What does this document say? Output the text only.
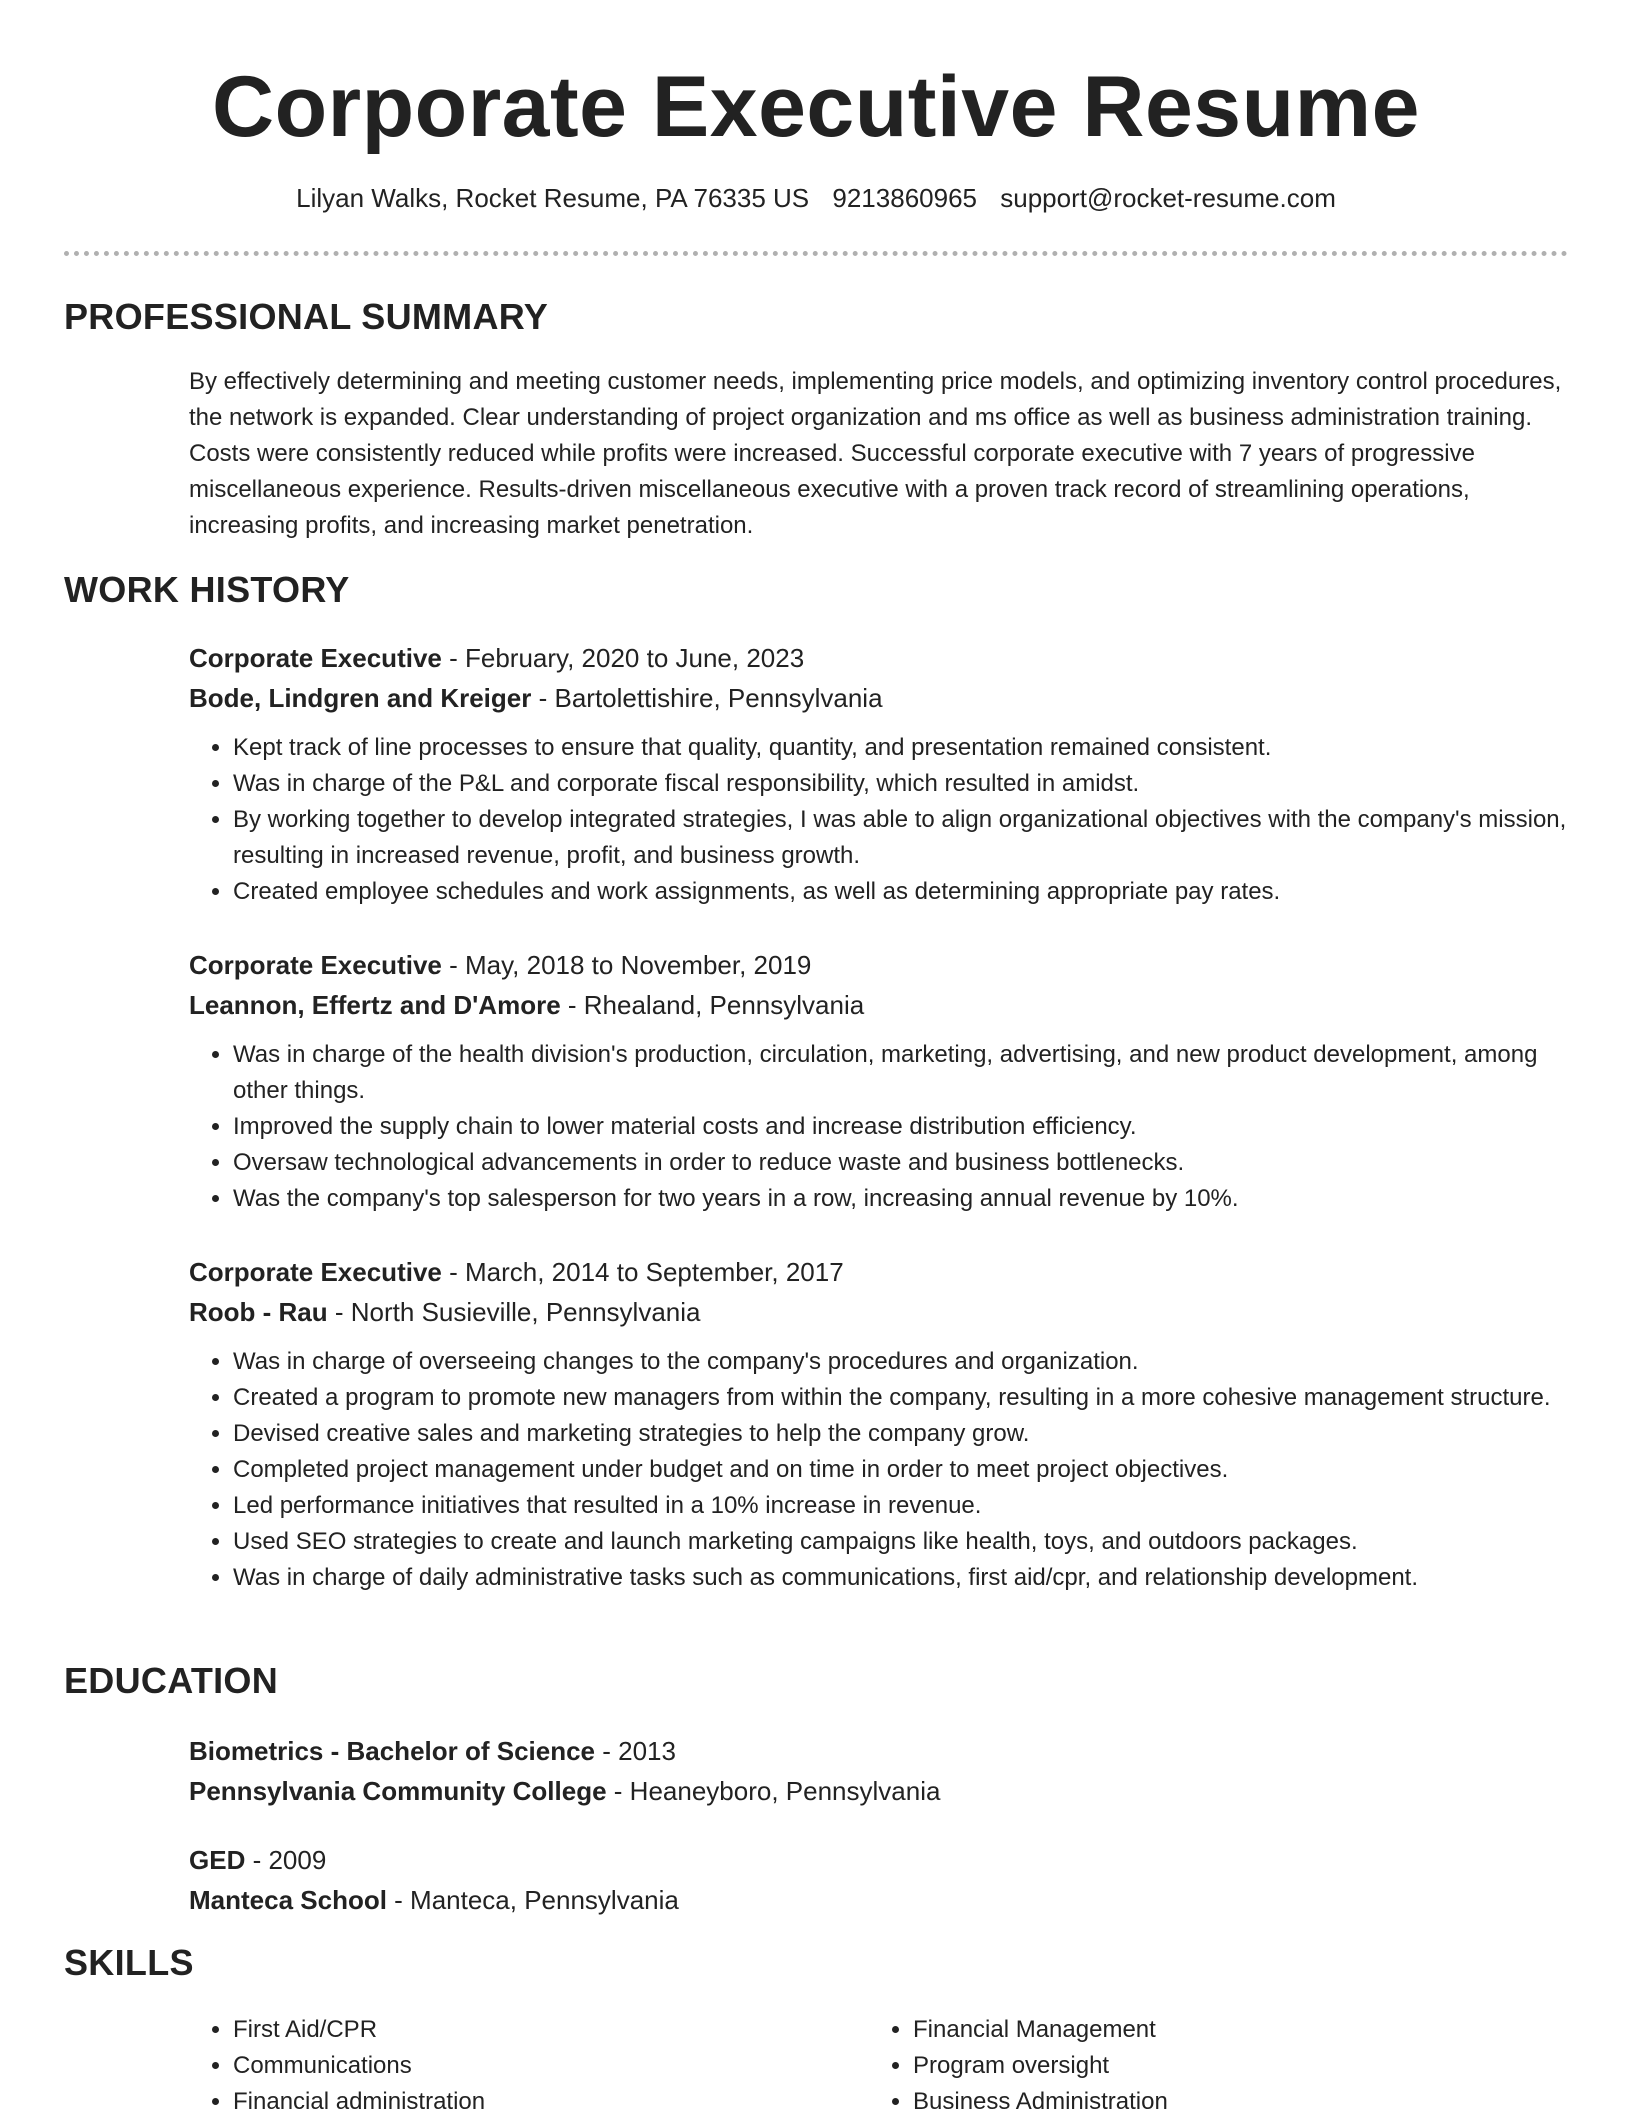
Corporate Executive Resume
Lilyan Walks, Rocket Resume, PA 76335 US 9213860965 support@rocket-resume.com
PROFESSIONAL SUMMARY

By effectively determining and meeting customer needs, implementing price models, and optimizing inventory control procedures, the network is expanded. Clear understanding of project organization and ms office as well as business administration training. Costs were consistently reduced while profits were increased. Successful corporate executive with 7 years of progressive miscellaneous experience. Results-driven miscellaneous executive with a proven track record of streamlining operations, increasing profits, and increasing market penetration.

WORK HISTORY
Corporate Executive - February, 2020 to June, 2023
Bode, Lindgren and Kreiger - Bartolettishire, Pennsylvania
• Kept track of line processes to ensure that quality, quantity, and presentation remained consistent.
• Was in charge of the P&L and corporate fiscal responsibility, which resulted in amidst.
• By working together to develop integrated strategies, I was able to align organizational objectives with the company's mission, resulting in increased revenue, profit, and business growth.
• Created employee schedules and work assignments, as well as determining appropriate pay rates.
Corporate Executive - May, 2018 to November, 2019
Leannon, Effertz and D'Amore - Rhealand, Pennsylvania
• Was in charge of the health division's production, circulation, marketing, advertising, and new product development, among other things.
• Improved the supply chain to lower material costs and increase distribution efficiency.
• Oversaw technological advancements in order to reduce waste and business bottlenecks.
• Was the company's top salesperson for two years in a row, increasing annual revenue by 10%.
Corporate Executive - March, 2014 to September, 2017
Roob - Rau - North Susieville, Pennsylvania
• Was in charge of overseeing changes to the company's procedures and organization.
• Created a program to promote new managers from within the company, resulting in a more cohesive management structure.
• Devised creative sales and marketing strategies to help the company grow.
• Completed project management under budget and on time in order to meet project objectives.
• Led performance initiatives that resulted in a 10% increase in revenue.
• Used SEO strategies to create and launch marketing campaigns like health, toys, and outdoors packages.
• Was in charge of daily administrative tasks such as communications, first aid/cpr, and relationship development.
EDUCATION
Biometrics - Bachelor of Science - 2013
Pennsylvania Community College - Heaneyboro, Pennsylvania
GED - 2009
Manteca School - Manteca, Pennsylvania
SKILLS
• First Aid/CPR
• Communications
• Financial administration
• Financial Management
• Program oversight
• Business Administration
